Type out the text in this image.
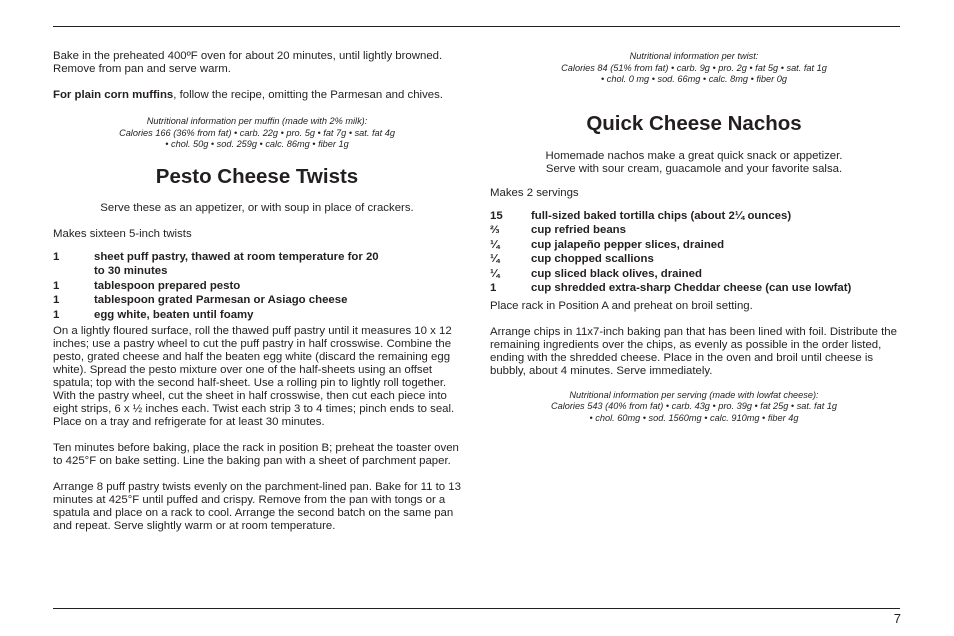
Bake in the preheated 400ºF oven for about 20 minutes, until lightly browned. Remove from pan and serve warm.

For plain corn muffins, follow the recipe, omitting the Parmesan and chives.

Nutritional information per muffin (made with 2% milk):

Calories 166 (36% from fat) • carb. 22g • pro. 5g • fat 7g • sat. fat 4g

• chol. 50g • sod. 259g • calc. 86mg • fiber 1g

Pesto Cheese Twists

Serve these as an appetizer, or with soup in place of crackers.

Makes sixteen 5-inch twists

1	sheet puff pastry, thawed at room temperature for 20 to 30 minutes
1	tablespoon prepared pesto
1	tablespoon grated Parmesan or Asiago cheese
1	egg white, beaten until foamy

On a lightly floured surface, roll the thawed puff pastry until it measures 10 x 12 inches; use a pastry wheel to cut the puff pastry in half crosswise. Combine the pesto, grated cheese and half the beaten egg white (discard the remaining egg white). Spread the pesto mixture over one of the half-sheets using an offset spatula; top with the second half-sheet. Use a rolling pin to lightly roll together. With the pastry wheel, cut the sheet in half crosswise, then cut each piece into eight strips, 6 x ½ inches each. Twist each strip 3 to 4 times; pinch ends to seal. Place on a tray and refrigerate for at least 30 minutes.

Ten minutes before baking, place the rack in position B; preheat the toaster oven to 425°F on bake setting. Line the baking pan with a sheet of parchment paper.

Arrange 8 puff pastry twists evenly on the parchment-lined pan. Bake for 11 to 13 minutes at 425°F until puffed and crispy. Remove from the pan with tongs or a spatula and place on a rack to cool. Arrange the second batch on the same pan and repeat. Serve slightly warm or at room temperature.

Nutritional information per twist:

Calories 84 (51% from fat) • carb. 9g • pro. 2g • fat 5g • sat. fat 1g

• chol. 0 mg • sod. 66mg • calc. 8mg • fiber 0g

Quick Cheese Nachos

Homemade nachos make a great quick snack or appetizer.

Serve with sour cream, guacamole and your favorite salsa.

Makes 2 servings

15	full-sized baked tortilla chips (about 2¼ ounces)
⅔	cup refried beans
¼	cup jalapeño pepper slices, drained
¼	cup chopped scallions
¼	cup sliced black olives, drained
1	cup shredded extra-sharp Cheddar cheese (can use lowfat)

Place rack in Position A and preheat on broil setting.

Arrange chips in 11x7-inch baking pan that has been lined with foil. Distribute the remaining ingredients over the chips, as evenly as possible in the order listed, ending with the shredded cheese. Place in the oven and broil until cheese is bubbly, about 4 minutes. Serve immediately.

Nutritional information per serving (made with lowfat cheese):

Calories 543 (40% from fat) • carb. 43g • pro. 39g • fat 25g • sat. fat 1g

• chol. 60mg • sod. 1560mg • calc. 910mg • fiber 4g

7
